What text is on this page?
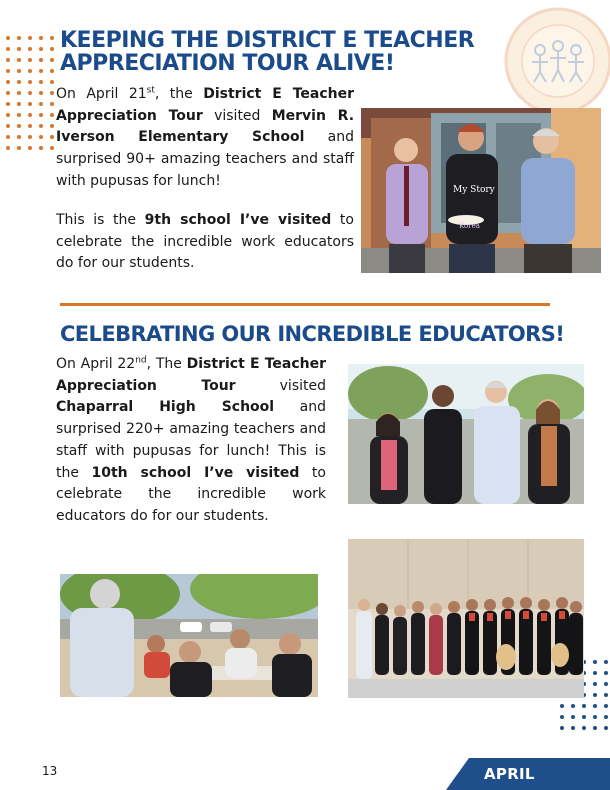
KEEPING THE DISTRICT E TEACHER
APPRECIATION TOUR ALIVE!

On April 21st, the District E Teacher Appreciation Tour visited Mervin R. Iverson Elementary School and surprised 90+ amazing teachers and staff with pupusas for lunch!

This is the 9th school I’ve visited to celebrate the incredible work educators do for our students.

My Story
Korea
CELEBRATING OUR INCREDIBLE EDUCATORS!

On April 22nd, The District E Teacher Appreciation Tour visited Chaparral High School and surprised 220+ amazing teachers and staff with pupusas for lunch! This is the 10th school I’ve visited to celebrate the incredible work educators do for our students.

13	APRIL
